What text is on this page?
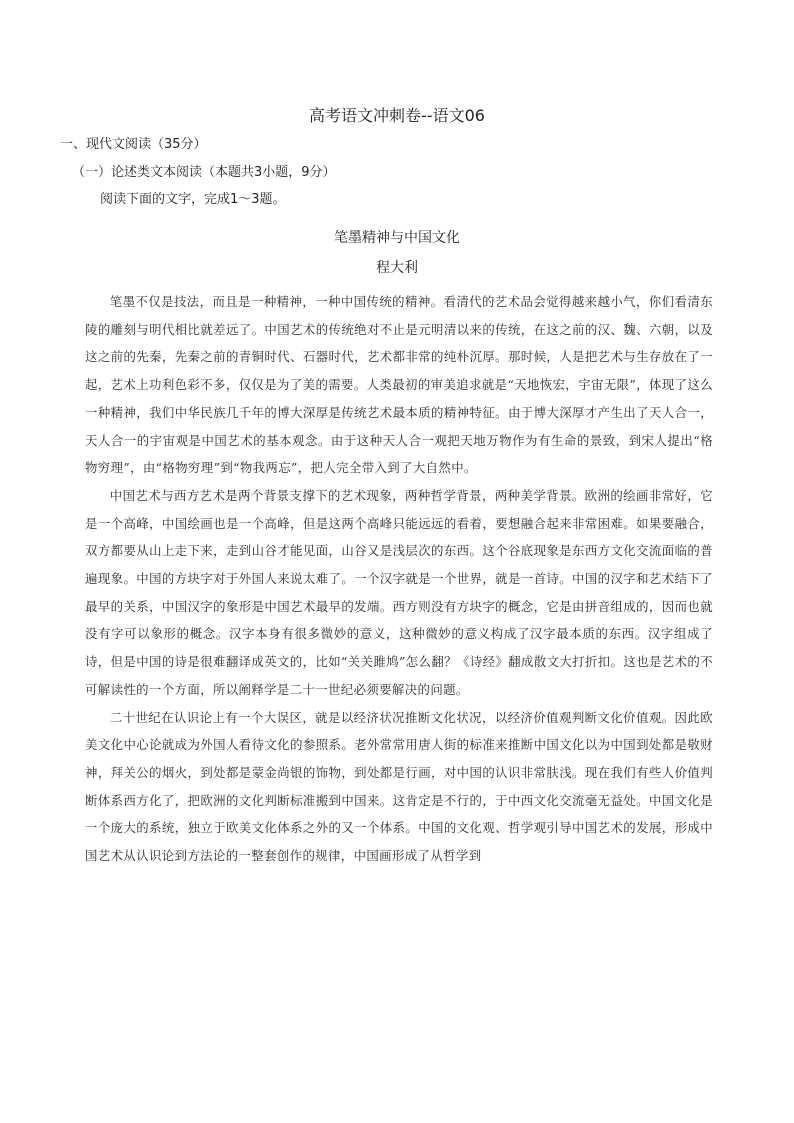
高考语文冲刺卷--语文06
一、现代文阅读（35分）
（一）论述类文本阅读（本题共3小题，9分）
阅读下面的文字，完成1～3题。
笔墨精神与中国文化
程大利

笔墨不仅是技法，而且是一种精神，一种中国传统的精神。看清代的艺术品会觉得越来越小气，你们看清东陵的雕刻与明代相比就差远了。中国艺术的传统绝对不止是元明清以来的传统，在这之前的汉、魏、六朝，以及这之前的先秦，先秦之前的青铜时代、石器时代，艺术都非常的纯朴沉厚。那时候，人是把艺术与生存放在了一起，艺术上功利色彩不多，仅仅是为了美的需要。人类最初的审美追求就是“天地恢宏，宇宙无限”，体现了这么一种精神，我们中华民族几千年的博大深厚是传统艺术最本质的精神特征。由于博大深厚才产生出了天人合一，天人合一的宇宙观是中国艺术的基本观念。由于这种天人合一观把天地万物作为有生命的景致，到宋人提出“格物穷理”，由“格物穷理”到“物我两忘”，把人完全带入到了大自然中。

中国艺术与西方艺术是两个背景支撑下的艺术现象，两种哲学背景，两种美学背景。欧洲的绘画非常好，它是一个高峰，中国绘画也是一个高峰，但是这两个高峰只能远远的看着，要想融合起来非常困难。如果要融合，双方都要从山上走下来，走到山谷才能见面，山谷又是浅层次的东西。这个谷底现象是东西方文化交流面临的普遍现象。中国的方块字对于外国人来说太难了。一个汉字就是一个世界，就是一首诗。中国的汉字和艺术结下了最早的关系，中国汉字的象形是中国艺术最早的发端。西方则没有方块字的概念，它是由拼音组成的，因而也就没有字可以象形的概念。汉字本身有很多微妙的意义，这种微妙的意义构成了汉字最本质的东西。汉字组成了诗，但是中国的诗是很难翻译成英文的，比如“关关雎鸠”怎么翻？《诗经》翻成散文大打折扣。这也是艺术的不可解读性的一个方面，所以阐释学是二十一世纪必须要解决的问题。

二十世纪在认识论上有一个大误区，就是以经济状况推断文化状况，以经济价值观判断文化价值观。因此欧美文化中心论就成为外国人看待文化的参照系。老外常常用唐人街的标准来推断中国文化以为中国到处都是敬财神，拜关公的烟火，到处都是蒙金尚银的饰物，到处都是行画，对中国的认识非常肤浅。现在我们有些人价值判断体系西方化了，把欧洲的文化判断标准搬到中国来。这肯定是不行的，于中西文化交流毫无益处。中国文化是一个庞大的系统，独立于欧美文化体系之外的又一个体系。中国的文化观、哲学观引导中国艺术的发展，形成中国艺术从认识论到方法论的一整套创作的规律，中国画形成了从哲学到
